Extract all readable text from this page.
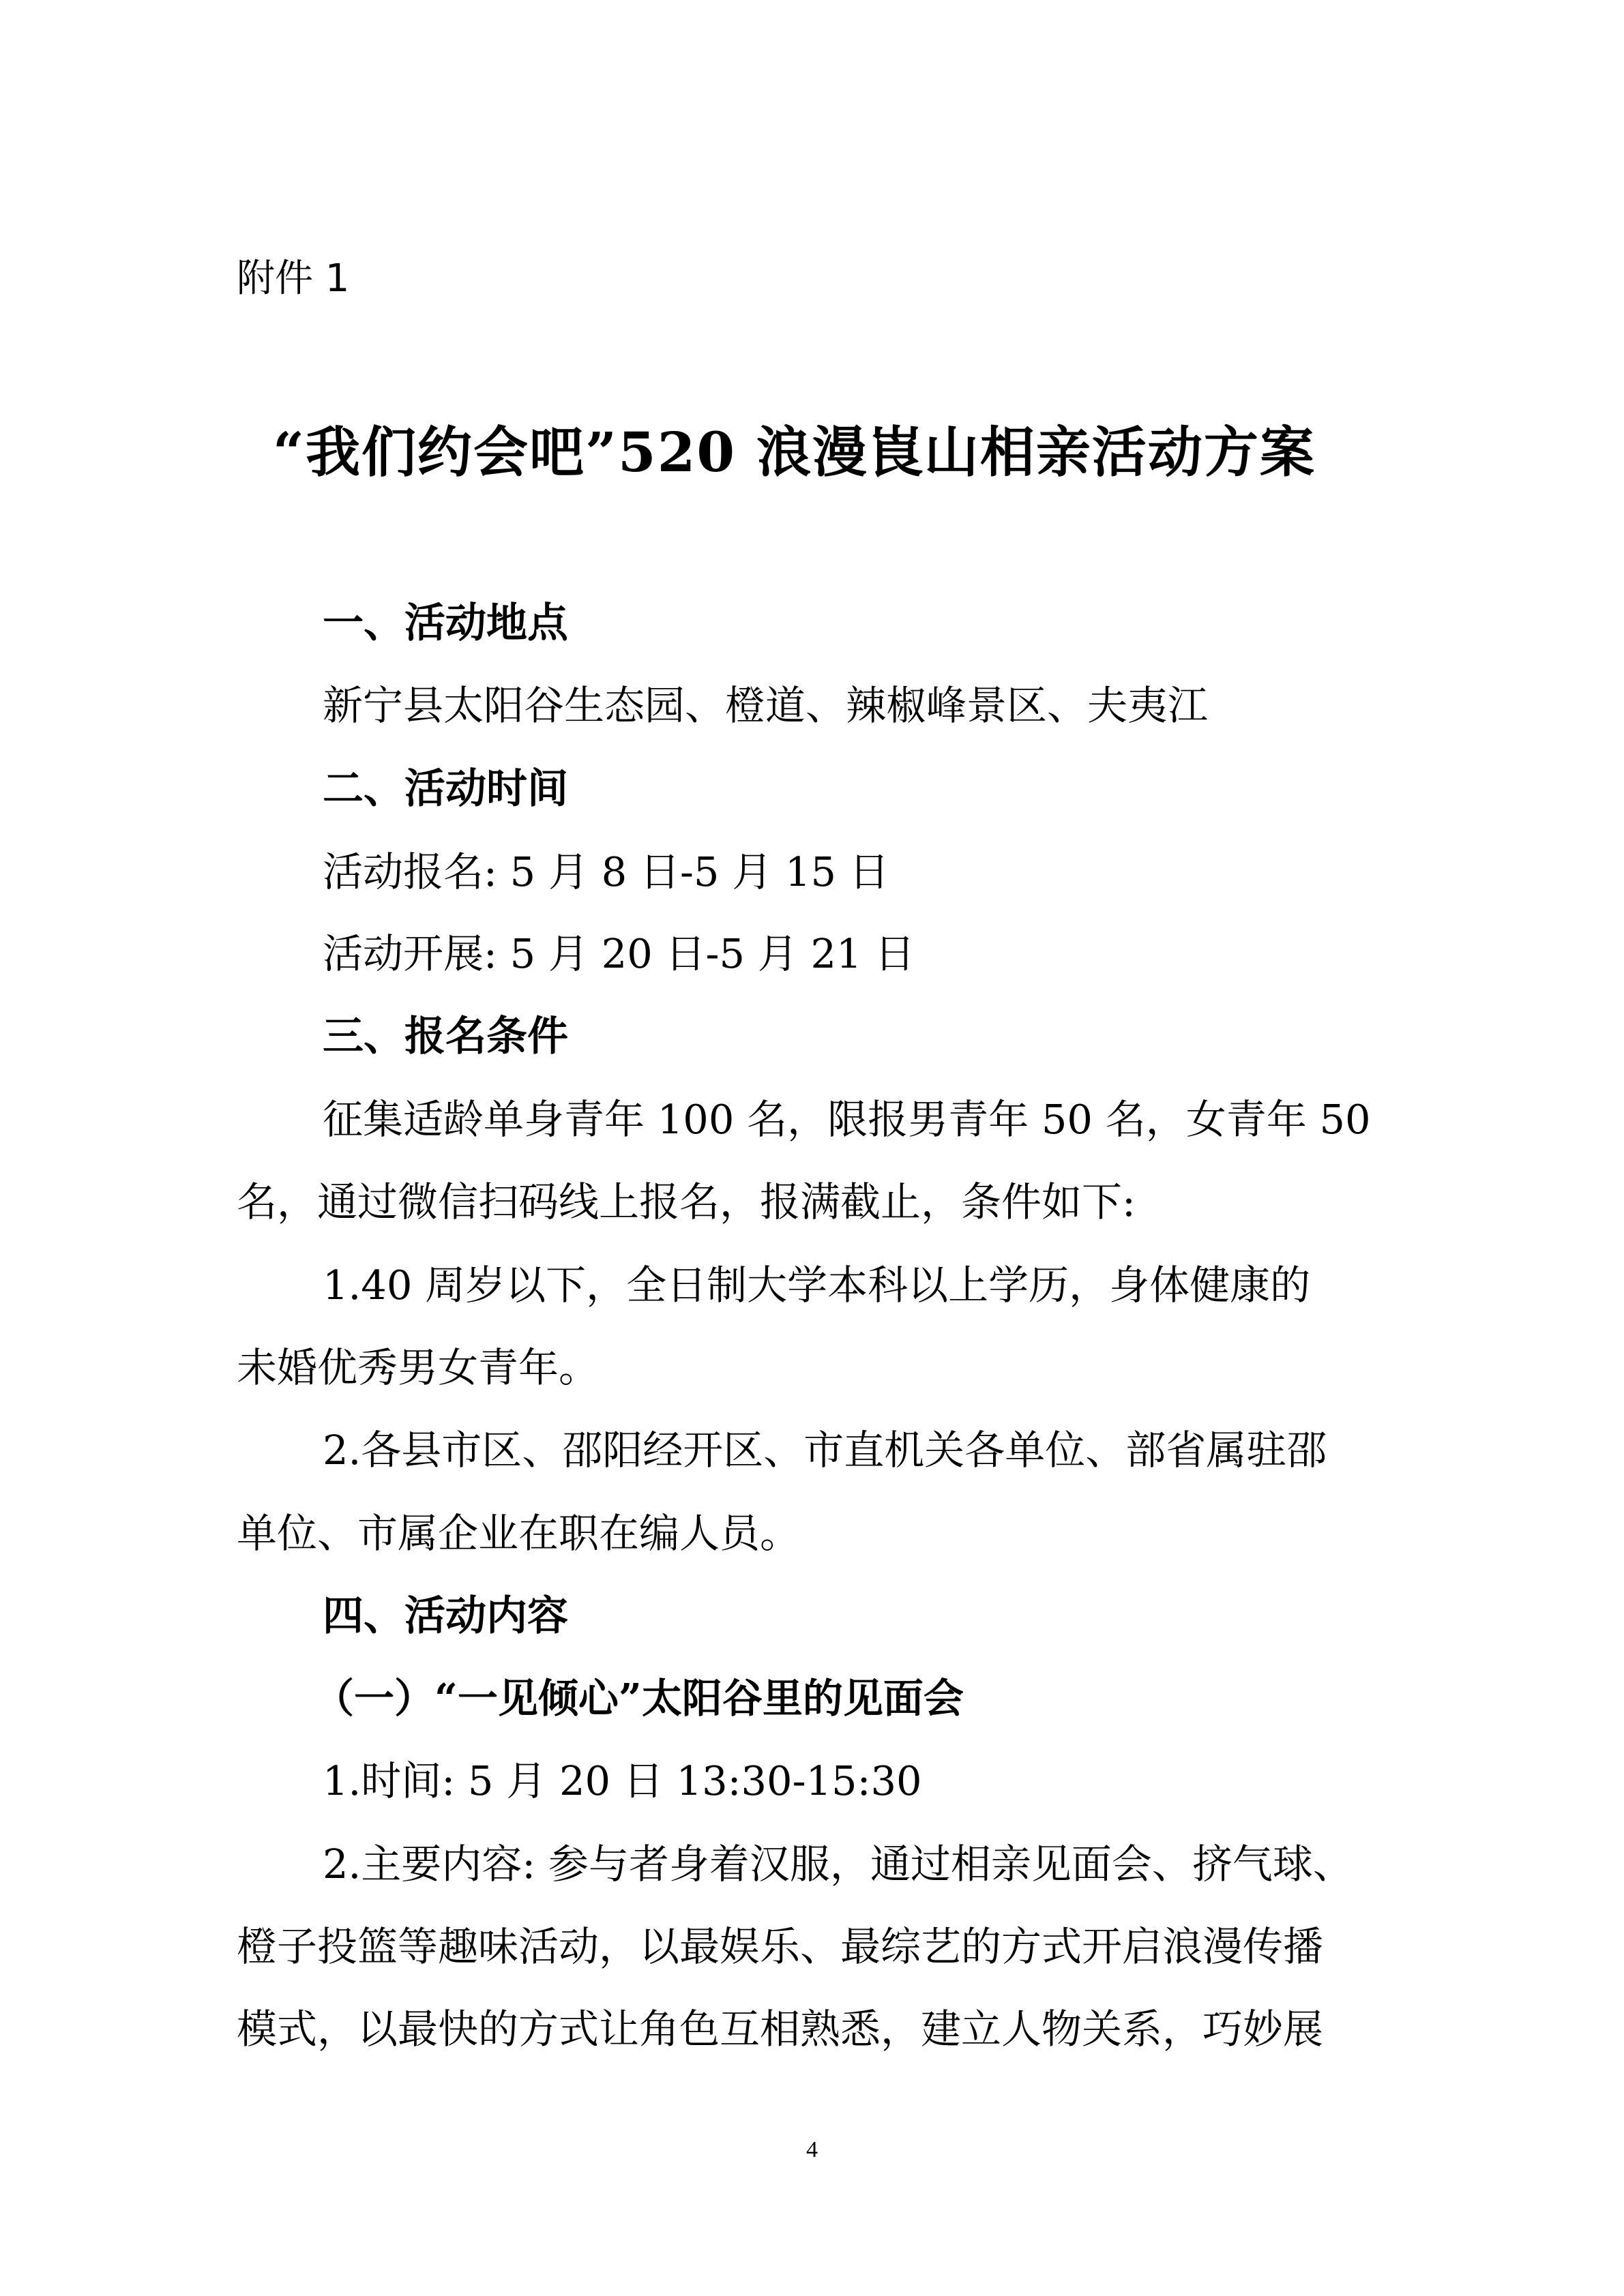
附件 1
“我们约会吧”520 浪漫崀山相亲活动方案
一、活动地点
新宁县太阳谷生态园、橙道、辣椒峰景区、夫夷江
二、活动时间
活动报名: 5 月 8 日-5 月 15 日
活动开展: 5 月 20 日-5 月 21 日
三、报名条件
征集适龄单身青年 100 名，限报男青年 50 名，女青年 50
名，通过微信扫码线上报名，报满截止，条件如下:
1.40 周岁以下，全日制大学本科以上学历，身体健康的
未婚优秀男女青年。
2.各县市区、邵阳经开区、市直机关各单位、部省属驻邵
单位、市属企业在职在编人员。
四、活动内容
（一）“一见倾心”太阳谷里的见面会
1.时间: 5 月 20 日 13:30-15:30
2.主要内容: 参与者身着汉服，通过相亲见面会、挤气球、
橙子投篮等趣味活动，以最娱乐、最综艺的方式开启浪漫传播
模式，以最快的方式让角色互相熟悉，建立人物关系，巧妙展
4
